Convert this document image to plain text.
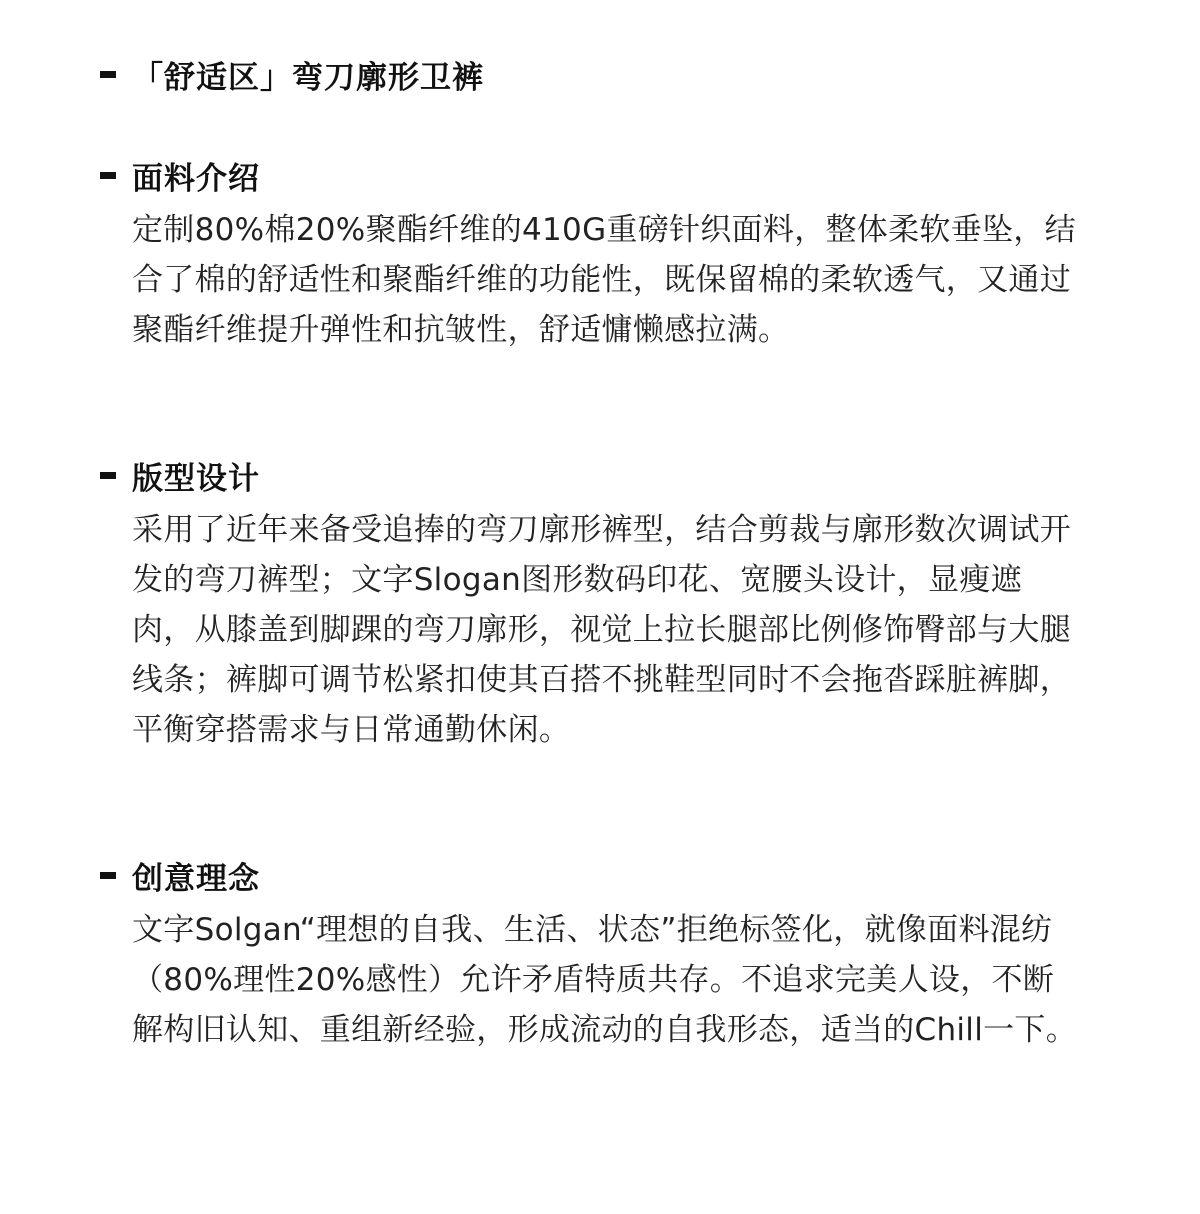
「舒适区」弯刀廓形卫裤
面料介绍
定制80%棉20%聚酯纤维的410G重磅针织面料，整体柔软垂坠，结合了棉的舒适性和聚酯纤维的功能性，既保留棉的柔软透气，又通过聚酯纤维提升弹性和抗皱性，舒适慵懒感拉满。
版型设计
采用了近年来备受追捧的弯刀廓形裤型，结合剪裁与廓形数次调试开发的弯刀裤型；文字Slogan图形数码印花、宽腰头设计，显瘦遮肉，从膝盖到脚踝的弯刀廓形，视觉上拉长腿部比例修饰臀部与大腿线条；裤脚可调节松紧扣使其百搭不挑鞋型同时不会拖沓踩脏裤脚，平衡穿搭需求与日常通勤休闲。
创意理念
文字Solgan“理想的自我、生活、状态”拒绝标签化，就像面料混纺（80%理性20%感性）允许矛盾特质共存。不追求完美人设，不断解构旧认知、重组新经验，形成流动的自我形态，适当的Chill一下。
